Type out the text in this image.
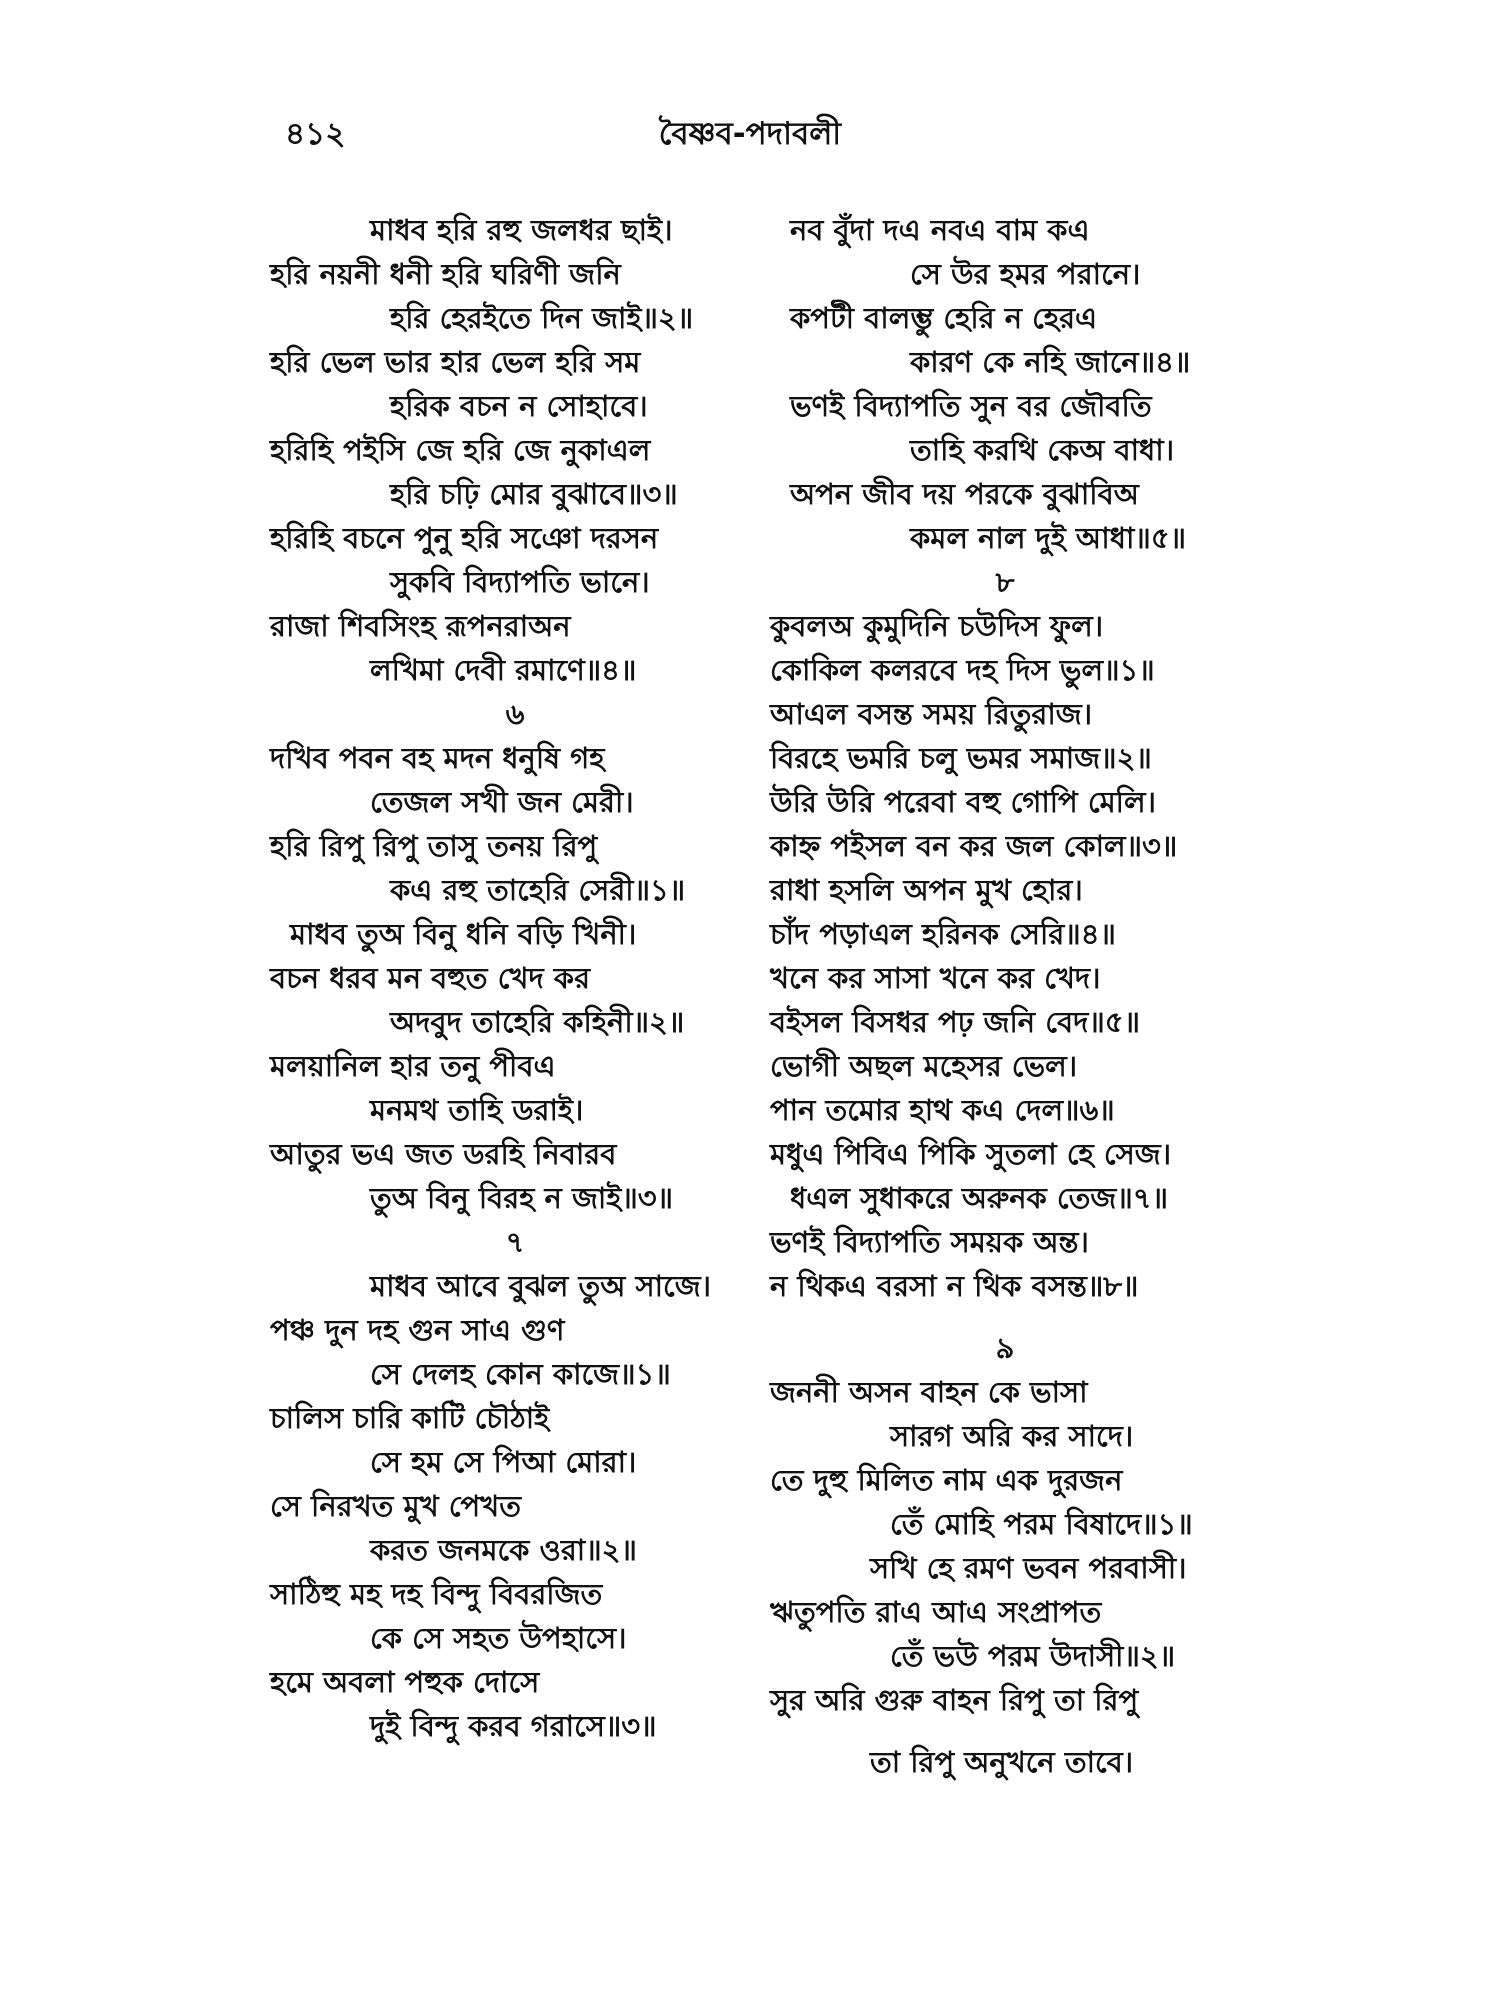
৪১২	বৈষ্ণব-পদাবলী
মাধব হরি রহু জলধর ছাই।
হরি নয়নী ধনী হরি ঘরিণী জনি
হরি হেরইতে দিন জাই॥২॥
হরি ভেল ভার হার ভেল হরি সম
হরিক বচন ন সোহাবে।
হরিহি পইসি জে হরি জে নুকাএল
হরি চঢ়ি মোর বুঝাবে॥৩॥
হরিহি বচনে পুনু হরি সঞো দরসন
সুকবি বিদ্যাপতি ভানে।
রাজা শিবসিংহ রূপনরাঅন
লখিমা দেবী রমাণে॥৪॥
৬
দখিব পবন বহ মদন ধনুষি গহ
তেজল সখী জন মেরী।
হরি রিপু রিপু তাসু তনয় রিপু
কএ রহু তাহেরি সেরী॥১॥
মাধব তুঅ বিনু ধনি বড়ি খিনী।
বচন ধরব মন বহুত খেদ কর
অদবুদ তাহেরি কহিনী॥২॥
মলয়ানিল হার তনু পীবএ
মনমথ তাহি ডরাই।
আতুর ভএ জত ডরহি নিবারব
তুঅ বিনু বিরহ ন জাই॥৩॥
৭
মাধব আবে বুঝল তুঅ সাজে।
পঞ্চ দুন দহ গুন সাএ গুণ
সে দেলহ কোন কাজে॥১॥
চালিস চারি কাটি চৌঠাই
সে হম সে পিআ মোরা।
সে নিরখত মুখ পেখত
করত জনমকে ওরা॥২॥
সাঠিহু মহ দহ বিন্দু বিবরজিত
কে সে সহত উপহাসে।
হমে অবলা পহুক দোসে
দুই বিন্দু করব গরাসে॥৩॥
নব বুঁদা দএ নবএ বাম কএ
সে উর হমর পরানে।
কপটী বালম্ভু হেরি ন হেরএ
কারণ কে নহি জানে॥৪॥
ভণই বিদ্যাপতি সুন বর জৌবতি
তাহি করথি কেঅ বাধা।
অপন জীব দয় পরকে বুঝাবিঅ
কমল নাল দুই আধা॥৫॥
৮
কুবলঅ কুমুদিনি চউদিস ফুল।
কোকিল কলরবে দহ দিস ভুল॥১॥
আএল বসন্ত সময় রিতুরাজ।
বিরহে ভমরি চলু ভমর সমাজ॥২॥
উরি উরি পরেবা বহু গোপি মেলি।
কাহ্ন পইসল বন কর জল কোল॥৩॥
রাধা হসলি অপন মুখ হোর।
চাঁদ পড়াএল হরিনক সেরি॥৪॥
খনে কর সাসা খনে কর খেদ।
বইসল বিসধর পঢ় জনি বেদ॥৫॥
ভোগী অছল মহেসর ভেল।
পান তমোর হাথ কএ দেল॥৬॥
মধুএ পিবিএ পিকি সুতলা হে সেজ।
ধএল সুধাকরে অরুনক তেজ॥৭॥
ভণই বিদ্যাপতি সময়ক অন্ত।
ন থিকএ বরসা ন থিক বসন্ত॥৮॥
৯
জননী অসন বাহন কে ভাসা
সারগ অরি কর সাদে।
তে দুহু মিলিত নাম এক দুরজন
তেঁ মোহি পরম বিষাদে॥১॥
সখি হে রমণ ভবন পরবাসী।
ঋতুপতি রাএ আএ সংপ্রাপত
তেঁ ভউ পরম উদাসী॥২॥
সুর অরি গুরু বাহন রিপু তা রিপু
তা রিপু অনুখনে তাবে।
